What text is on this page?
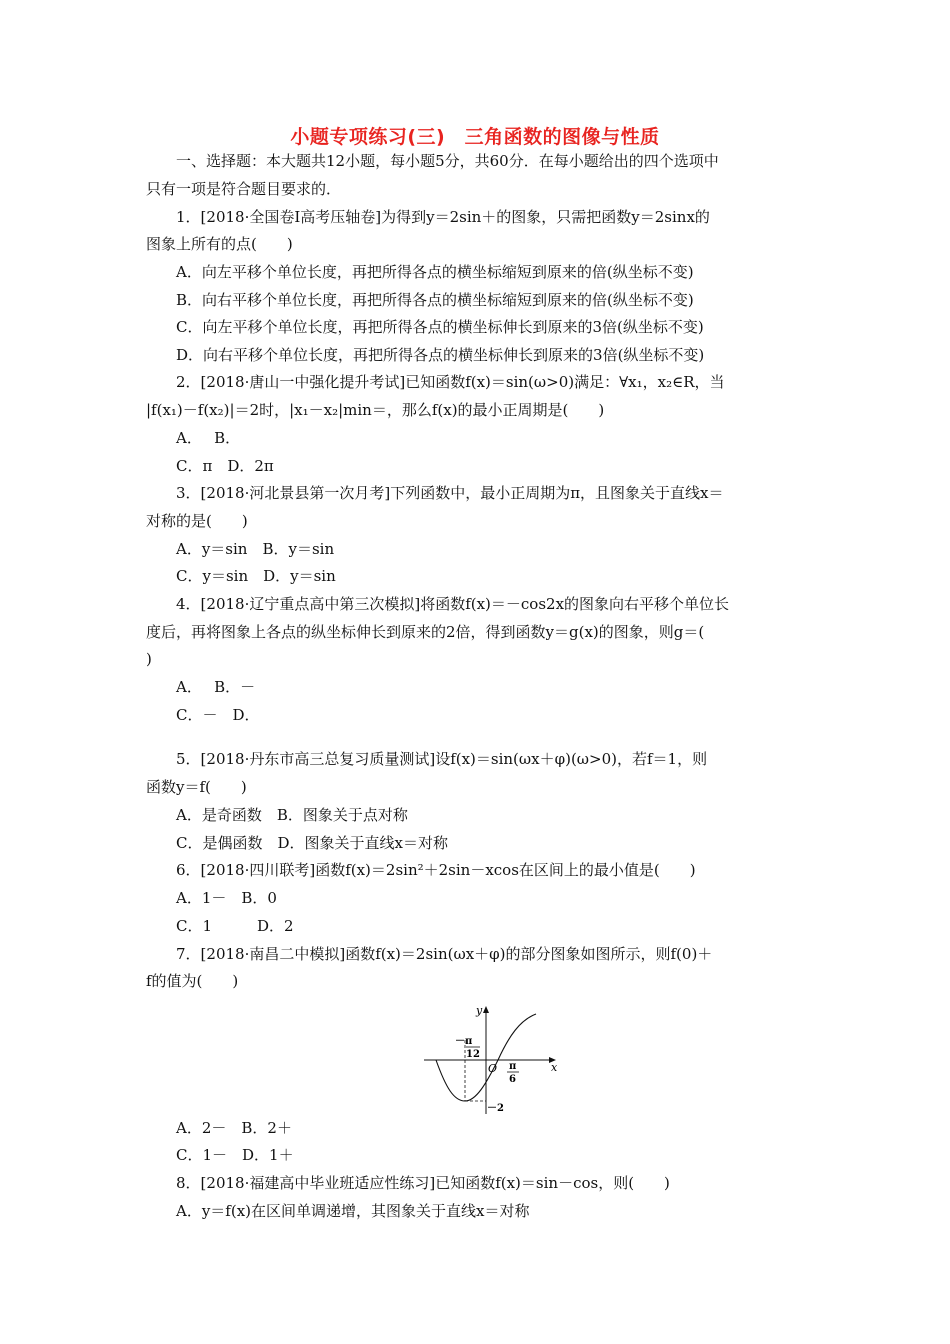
小题专项练习(三)　三角函数的图像与性质
一、选择题：本大题共12小题，每小题5分，共60分．在每小题给出的四个选项中
只有一项是符合题目要求的．
1．[2018·全国卷Ⅰ高考压轴卷]为得到y＝2sin＋的图象，只需把函数y＝2sinx的
图象上所有的点(　　)
A．向左平移个单位长度，再把所得各点的横坐标缩短到原来的倍(纵坐标不变)
B．向右平移个单位长度，再把所得各点的横坐标缩短到原来的倍(纵坐标不变)
C．向左平移个单位长度，再把所得各点的横坐标伸长到原来的3倍(纵坐标不变)
D．向右平移个单位长度，再把所得各点的横坐标伸长到原来的3倍(纵坐标不变)
2．[2018·唐山一中强化提升考试]已知函数f(x)＝sin(ω>0)满足：∀x₁，x₂∈R，当
|f(x₁)－f(x₂)|＝2时，|x₁－x₂|min＝，那么f(x)的最小正周期是(　　)
A．　 B．
C．π　D．2π
3．[2018·河北景县第一次月考]下列函数中，最小正周期为π，且图象关于直线x＝
对称的是(　　)
A．y＝sin　B．y＝sin
C．y＝sin　D．y＝sin
4．[2018·辽宁重点高中第三次模拟]将函数f(x)＝－cos2x的图象向右平移个单位长
度后，再将图象上各点的纵坐标伸长到原来的2倍，得到函数y＝g(x)的图象，则g＝(
)
A．　 B．－
C．－　D．
5．[2018·丹东市高三总复习质量测试]设f(x)＝sin(ωx＋φ)(ω>0)，若f＝1，则
函数y＝f(　　)
A．是奇函数　B．图象关于点对称
C．是偶函数　D．图象关于直线x＝对称
6．[2018·四川联考]函数f(x)＝2sin²＋2sin－xcos在区间上的最小值是(　　)
A．1－　B．0
C．1　　　D．2
7．[2018·南昌二中模拟]函数f(x)＝2sin(ωx＋φ)的部分图象如图所示，则f(0)＋
f的值为(　　)
y
x
O
－π
12
π
6
－2
A．2－　B．2＋
C．1－　D．1＋
8．[2018·福建高中毕业班适应性练习]已知函数f(x)＝sin－cos，则(　　)
A．y＝f(x)在区间单调递增，其图象关于直线x＝对称
